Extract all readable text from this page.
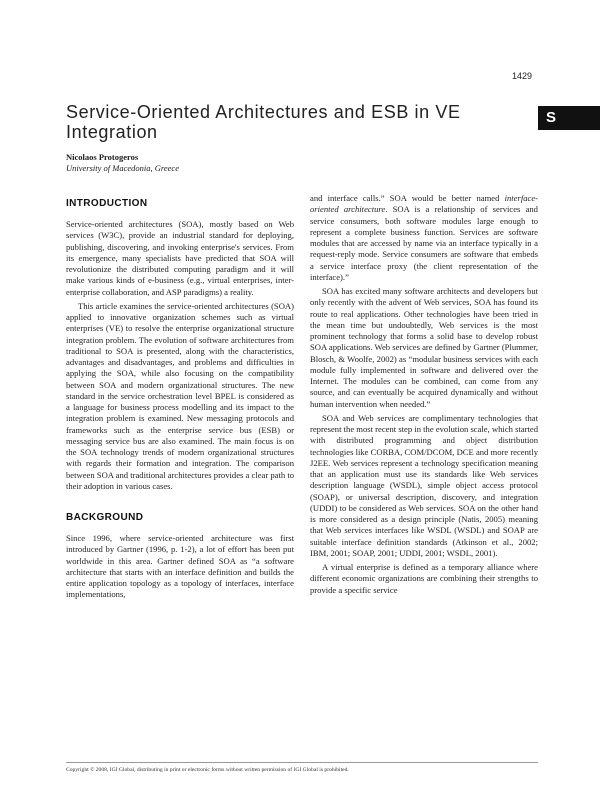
1429
S
Service-Oriented Architectures and ESB in VE Integration
Nicolaos Protogeros
University of Macedonia, Greece
INTRODUCTION

Service-oriented architectures (SOA), mostly based on Web services (W3C), provide an industrial standard for deploying, publishing, discovering, and invoking enterprise's services. From its emergence, many specialists have predicted that SOA will revolutionize the distributed computing paradigm and it will make various kinds of e-business (e.g., virtual enterprises, inter-enterprise collaboration, and ASP paradigms) a reality.

This article examines the service-oriented architectures (SOA) applied to innovative organization schemes such as virtual enterprises (VE) to resolve the enterprise organizational structure integration problem. The evolution of software architectures from traditional to SOA is presented, along with the characteristics, advantages and disadvantages, and problems and difficulties in applying the SOA, while also focusing on the compatibility between SOA and modern organizational structures. The new standard in the service orchestration level BPEL is considered as a language for business process modelling and its impact to the integration problem is examined. New messaging protocols and frameworks such as the enterprise service bus (ESB) or messaging service bus are also examined. The main focus is on the SOA technology trends of modern organizational structures with regards their formation and integration. The comparison between SOA and traditional architectures provides a clear path to their adoption in various cases.

BACKGROUND

Since 1996, where service-oriented architecture was first introduced by Gartner (1996, p. 1-2), a lot of effort has been put worldwide in this area. Gartner defined SOA as “a software architecture that starts with an interface definition and builds the entire application topology as a topology of interfaces, interface implementations,

and interface calls.” SOA would be better named interface-oriented architecture. SOA is a relationship of services and service consumers, both software modules large enough to represent a complete business function. Services are software modules that are accessed by name via an interface typically in a request-reply mode. Service consumers are software that embeds a service interface proxy (the client representation of the interface).”

SOA has excited many software architects and developers but only recently with the advent of Web services, SOA has found its route to real applications. Other technologies have been tried in the mean time but undoubtedly, Web services is the most prominent technology that forms a solid base to develop robust SOA applications. Web services are defined by Gartner (Plummer, Blosch, & Woolfe, 2002) as “modular business services with each module fully implemented in software and delivered over the Internet. The modules can be combined, can come from any source, and can eventually be acquired dynamically and without human intervention when needed.”

SOA and Web services are complimentary technologies that represent the most recent step in the evolution scale, which started with distributed programming and object distribution technologies like CORBA, COM/DCOM, DCE and more recently J2EE. Web services represent a technology specification meaning that an application must use its standards like Web services description language (WSDL), simple object access protocol (SOAP), or universal description, discovery, and integration (UDDI) to be considered as Web services. SOA on the other hand is more considered as a design principle (Natis, 2005) meaning that Web services interfaces like WSDL (WSDL) and SOAP are suitable interface definition standards (Atkinson et al., 2002; IBM, 2001; SOAP, 2001; UDDI, 2001; WSDL, 2001).

A virtual enterprise is defined as a temporary alliance where different economic organizations are combining their strengths to provide a specific service

Copyright © 2008, IGI Global, distributing in print or electronic forms without written permission of IGI Global is prohibited.
